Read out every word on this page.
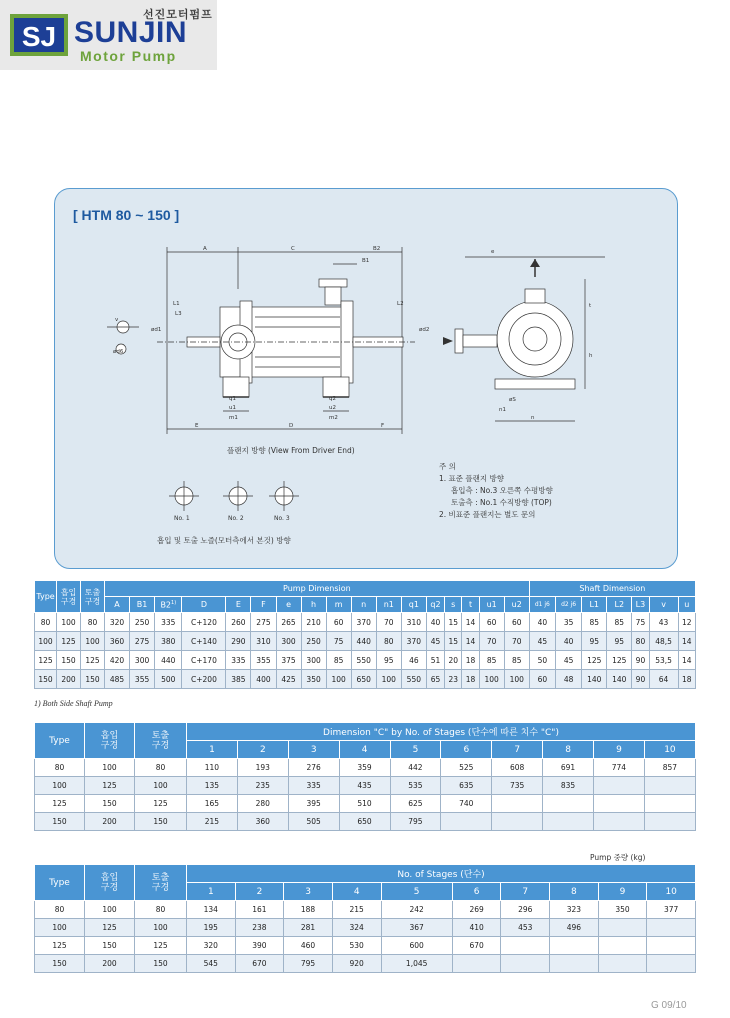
SJ
선진모터펌프
SUNJIN
Motor Pump
[ HTM 80 ~ 150 ]
A	C	B2
B1
L1
L3
L2
ød1	ød2
q1	q2
u1	u2
m1	m2
E	D	F
e
h
t
øS
n
n1
v
ød6
플랜지 방향 (View From Driver End)
No. 1	No. 2	No. 3
흡입 및 토출 노즐(모터측에서 본것) 방향
주 의
1. 표준 플랜지 방향
흡입측 : No.3 오른쪽 수평방향
토출측 : No.1 수직방향 (TOP)
2. 비표준 플랜지는 별도 문의
Type	흡입
구경	토출
구경	Pump Dimension																	Shaft Dimension						
			A	B1	B2$^{1)}$	D	E	F	e	h	m	n	n1	q1	q2	s	t	u1	u2	d1 j6	d2 j6	L1	L2	L3	v	u
80	100	80	320	250	335	C+120	260	275	265	210	60	370	70	310	40	15	14	60	60	40	35	85	85	75	43	12
100	125	100	360	275	380	C+140	290	310	300	250	75	440	80	370	45	15	14	70	70	45	40	95	95	80	48,5	14
125	150	125	420	300	440	C+170	335	355	375	300	85	550	95	46	51	20	18	85	85	50	45	125	125	90	53,5	14
150	200	150	485	355	500	C+200	385	400	425	350	100	650	100	550	65	23	18	100	100	60	48	140	140	90	64	18
1) Both Side Shaft Pump
Type	흡입
구경	토출
구경	Dimension "C" by No. of Stages (단수에 따른 치수 "C")									
			1	2	3	4	5	6	7	8	9	10
80	100	80	110	193	276	359	442	525	608	691	774	857
100	125	100	135	235	335	435	535	635	735	835		
125	150	125	165	280	395	510	625	740				
150	200	150	215	360	505	650	795					
Pump 중량 (kg)
Type	흡입
구경	토출
구경	No. of Stages (단수)									
			1	2	3	4	5	6	7	8	9	10
80	100	80	134	161	188	215	242	269	296	323	350	377
100	125	100	195	238	281	324	367	410	453	496		
125	150	125	320	390	460	530	600	670				
150	200	150	545	670	795	920	1,045					
G 09/10
